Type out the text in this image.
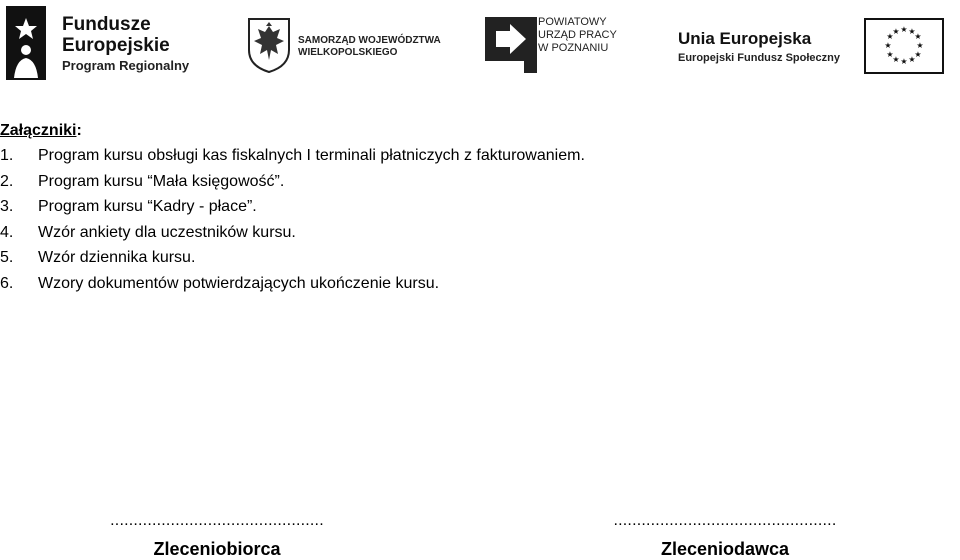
Fundusze
Europejskie
Program Regionalny
SAMORZĄD WOJEWÓDZTWA
WIELKOPOLSKIEGO
POWIATOWY
URZĄD PRACY
W POZNANIU	Unia Europejska
Europejski Fundusz Społeczny
★ ★
★
★
★
★
★
★
★
★
★
★
Załączniki:
1. Program kursu obsługi kas fiskalnych I terminali płatniczych z fakturowaniem.
2. Program kursu “Mała księgowość”.
3. Program kursu “Kadry - płace”.
4. Wzór ankiety dla uczestników kursu.
5. Wzór dziennika kursu.
6. Wzory dokumentów potwierdzających ukończenie kursu.
..............................................
Zleceniobiorca
................................................
Zleceniodawca
